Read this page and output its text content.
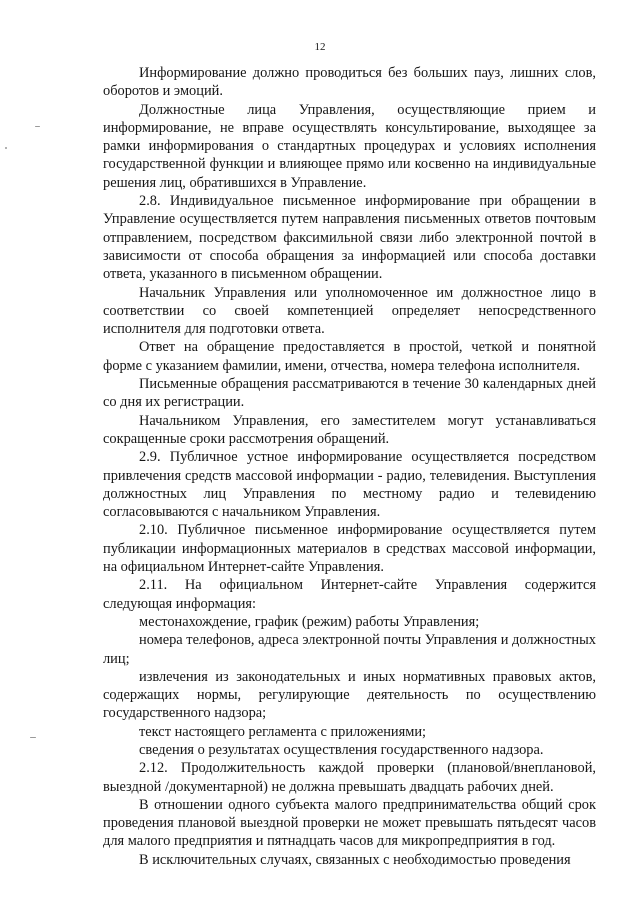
12

Информирование должно проводиться без больших пауз, лишних слов, оборотов и эмоций.

Должностные лица Управления, осуществляющие прием и информирование, не вправе осуществлять консультирование, выходящее за рамки информирования о стандартных процедурах и условиях исполнения государственной функции и влияющее прямо или косвенно на индивидуальные решения лиц, обратившихся в Управление.

2.8. Индивидуальное письменное информирование при обращении в Управление осуществляется путем направления письменных ответов почтовым отправлением, посредством факсимильной связи либо электронной почтой в зависимости от способа обращения за информацией или способа доставки ответа, указанного в письменном обращении.

Начальник Управления или уполномоченное им должностное лицо в соответствии со своей компетенцией определяет непосредственного исполнителя для подготовки ответа.

Ответ на обращение предоставляется в простой, четкой и понятной форме с указанием фамилии, имени, отчества, номера телефона исполнителя.

Письменные обращения рассматриваются в течение 30 календарных дней со дня их регистрации.

Начальником Управления, его заместителем могут устанавливаться сокращенные сроки рассмотрения обращений.

2.9. Публичное устное информирование осуществляется посредством привлечения средств массовой информации - радио, телевидения. Выступления должностных лиц Управления по местному радио и телевидению согласовываются с начальником Управления.

2.10. Публичное письменное информирование осуществляется путем публикации информационных материалов в средствах массовой информации, на официальном Интернет-сайте Управления.

2.11. На официальном Интернет-сайте Управления содержится следующая информация:

местонахождение, график (режим) работы Управления;

номера телефонов, адреса электронной почты Управления и должностных лиц;

извлечения из законодательных и иных нормативных правовых актов, содержащих нормы, регулирующие деятельность по осуществлению государственного надзора;

текст настоящего регламента с приложениями;

сведения о результатах осуществления государственного надзора.

2.12. Продолжительность каждой проверки (плановой/внеплановой, выездной /документарной) не должна превышать двадцать рабочих дней.

В отношении одного субъекта малого предпринимательства общий срок проведения плановой выездной проверки не может превышать пятьдесят часов для малого предприятия и пятнадцать часов для микропредприятия в год.

В исключительных случаях, связанных с необходимостью проведения
